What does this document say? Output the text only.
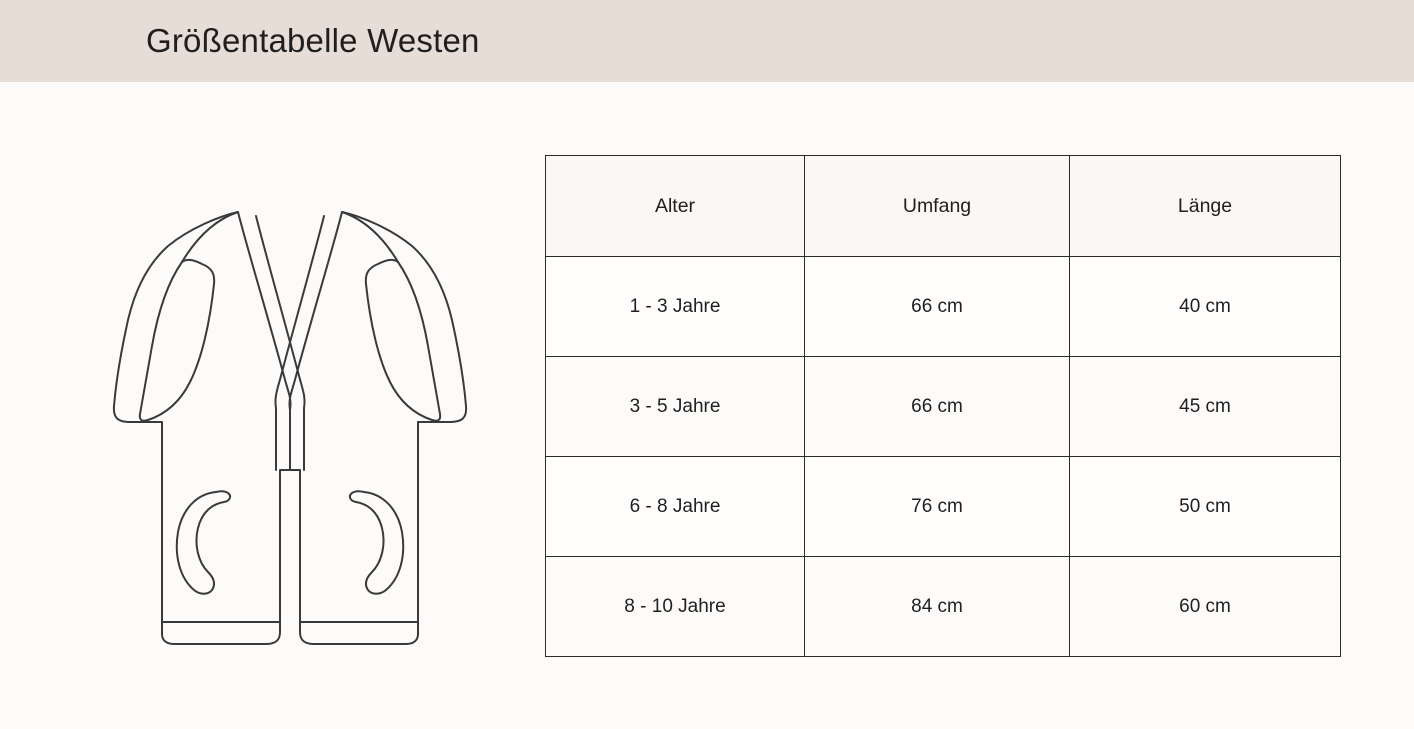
Größentabelle Westen
Alter	Umfang	Länge
1 - 3 Jahre	66 cm	40 cm
3 - 5 Jahre	66 cm	45 cm
6 - 8 Jahre	76 cm	50 cm
8 - 10 Jahre	84 cm	60 cm
